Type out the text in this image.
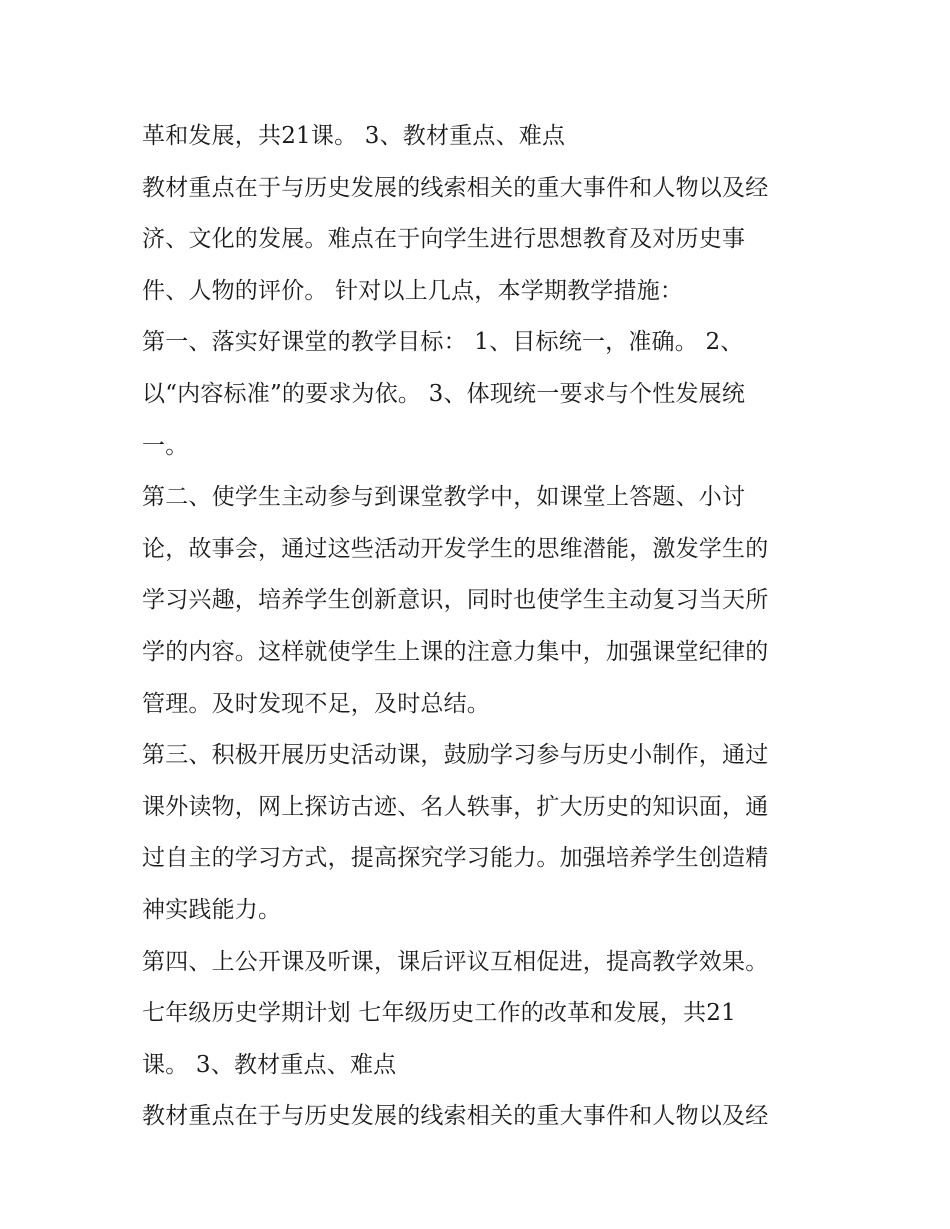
革和发展，共21课。 3、教材重点、难点
教材重点在于与历史发展的线索相关的重大事件和人物以及经
济、文化的发展。难点在于向学生进行思想教育及对历史事
件、人物的评价。 针对以上几点，本学期教学措施：
第一、落实好课堂的教学目标： 1、目标统一，准确。 2、
以“内容标准”的要求为依。 3、体现统一要求与个性发展统
一。
第二、使学生主动参与到课堂教学中，如课堂上答题、小讨
论，故事会，通过这些活动开发学生的思维潜能，激发学生的
学习兴趣，培养学生创新意识，同时也使学生主动复习当天所
学的内容。这样就使学生上课的注意力集中，加强课堂纪律的
管理。及时发现不足，及时总结。
第三、积极开展历史活动课，鼓励学习参与历史小制作，通过
课外读物，网上探访古迹、名人轶事，扩大历史的知识面，通
过自主的学习方式，提高探究学习能力。加强培养学生创造精
神实践能力。
第四、上公开课及听课，课后评议互相促进，提高教学效果。
七年级历史学期计划 七年级历史工作的改革和发展，共21
课。 3、教材重点、难点
教材重点在于与历史发展的线索相关的重大事件和人物以及经
